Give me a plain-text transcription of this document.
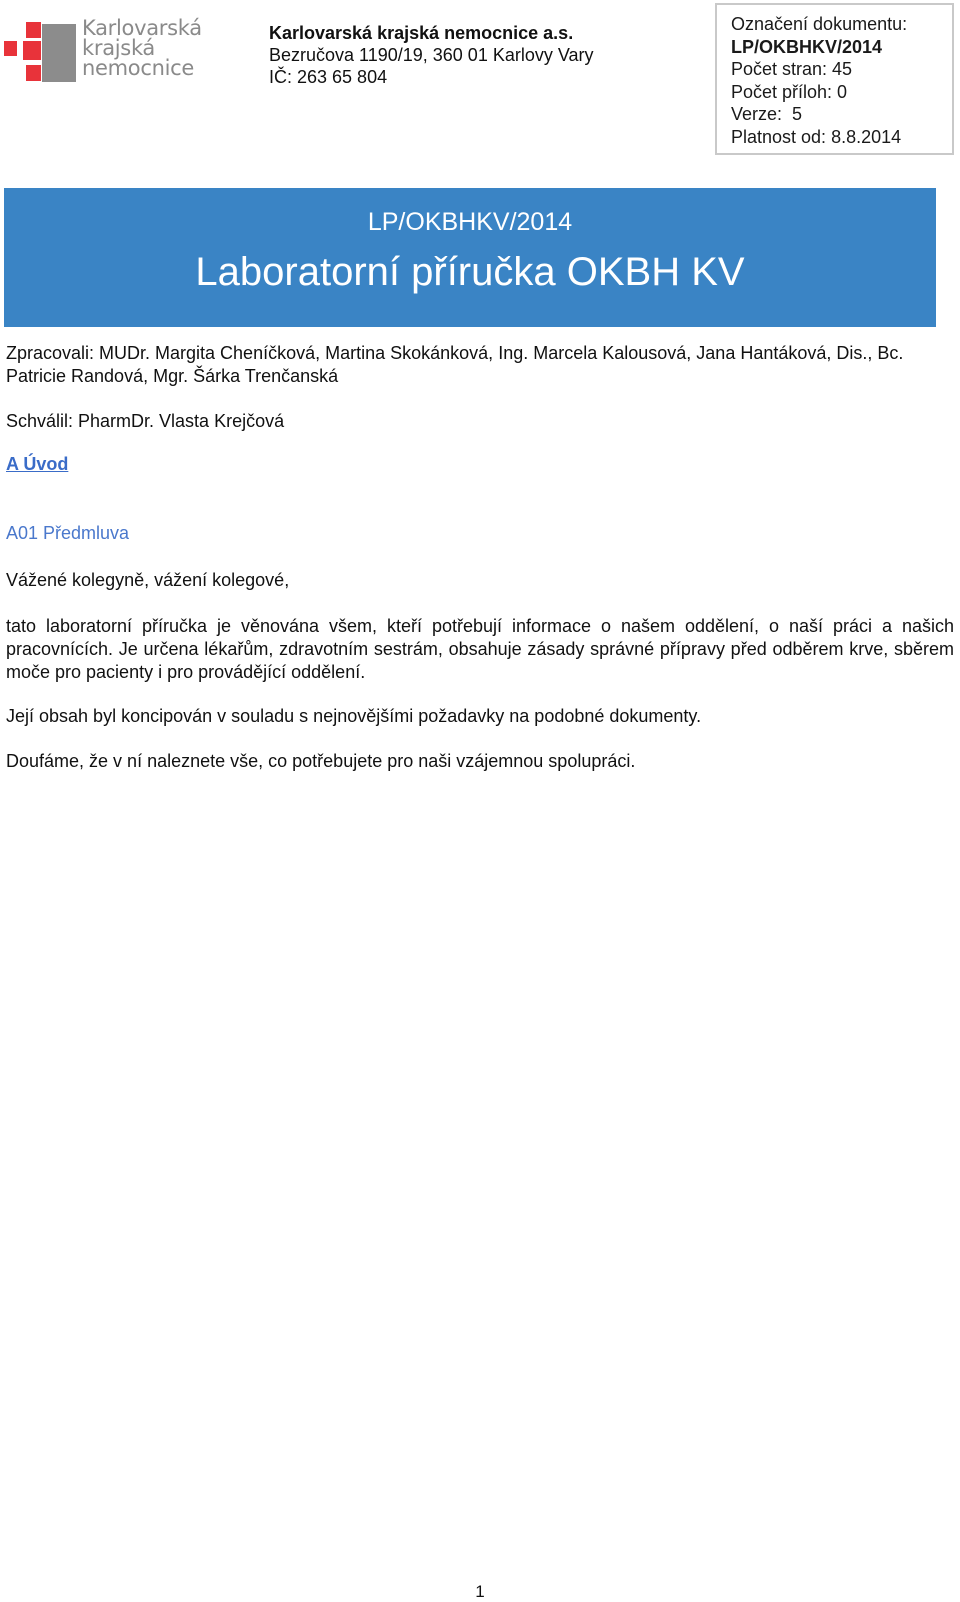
Karlovarská
krajská
nemocnice
Karlovarská krajská nemocnice a.s.
Bezručova 1190/19, 360 01 Karlovy Vary
IČ: 263 65 804
Označení dokumentu:
LP/OKBHKV/2014
Počet stran: 45
Počet příloh: 0
Verze:  5
Platnost od: 8.8.2014
LP/OKBHKV/2014
Laboratorní příručka OKBH KV
Zpracovali: MUDr. Margita Cheníčková, Martina Skokánková, Ing. Marcela Kalousová, Jana Hantáková, Dis., Bc. Patricie Randová, Mgr. Šárka Trenčanská
Schválil: PharmDr. Vlasta Krejčová
A Úvod
A01 Předmluva
Vážené kolegyně, vážení kolegové,
tato laboratorní příručka je věnována všem, kteří potřebují informace o našem oddělení, o naší práci a našich pracovnících. Je určena lékařům, zdravotním sestrám, obsahuje zásady správné přípravy před odběrem krve, sběrem moče pro pacienty i pro provádějící oddělení.
Její obsah byl koncipován v souladu s nejnovějšími požadavky na podobné dokumenty.
Doufáme, že v ní naleznete vše, co potřebujete pro naši vzájemnou spolupráci.
1
